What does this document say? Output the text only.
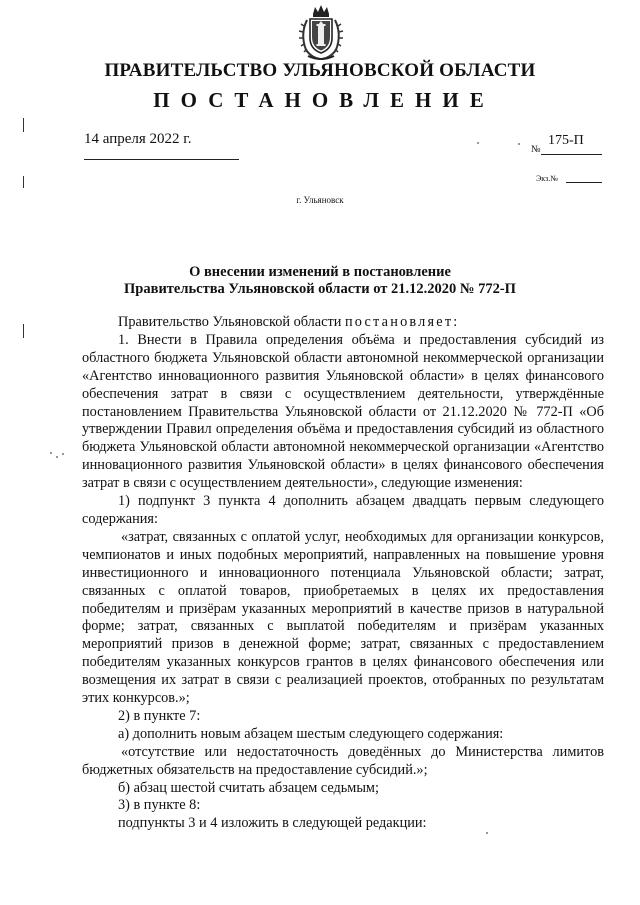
ПРАВИТЕЛЬСТВО УЛЬЯНОВСКОЙ ОБЛАСТИ
ПОСТАНОВЛЕНИЕ
14 апреля 2022 г.	175-П
№
Экз.№
г. Ульяновск
О внесении изменений в постановление
Правительства Ульяновской области от 21.12.2020 № 772-П

Правительство Ульяновской области постановляет:

1. Внести в Правила определения объёма и предоставления субсидий из областного бюджета Ульяновской области автономной некоммерческой организации «Агентство инновационного развития Ульяновской области» в целях финансового обеспечения затрат в связи с осуществлением деятельности, утверждённые постановлением Правительства Ульяновской области от 21.12.2020 № 772-П «Об утверждении Правил определения объёма и предоставления субсидий из областного бюджета Ульяновской области автономной некоммерческой организации «Агентство инновационного развития Ульяновской области» в целях финансового обеспечения затрат в связи с осуществлением деятельности», следующие изменения:

1) подпункт 3 пункта 4 дополнить абзацем двадцать первым следующего содержания:

«затрат, связанных с оплатой услуг, необходимых для организации конкурсов, чемпионатов и иных подобных мероприятий, направленных на повышение уровня инвестиционного и инновационного потенциала Ульяновской области; затрат, связанных с оплатой товаров, приобретаемых в целях их предоставления победителям и призёрам указанных мероприятий в качестве призов в натуральной форме; затрат, связанных с выплатой победителям и призёрам указанных мероприятий призов в денежной форме; затрат, связанных с предоставлением победителям указанных конкурсов грантов в целях финансового обеспечения или возмещения их затрат в связи с реализацией проектов, отобранных по результатам этих конкурсов.»;

2) в пункте 7:

а) дополнить новым абзацем шестым следующего содержания:

«отсутствие или недостаточность доведённых до Министерства лимитов бюджетных обязательств на предоставление субсидий.»;

б) абзац шестой считать абзацем седьмым;

3) в пункте 8:

подпункты 3 и 4 изложить в следующей редакции:
